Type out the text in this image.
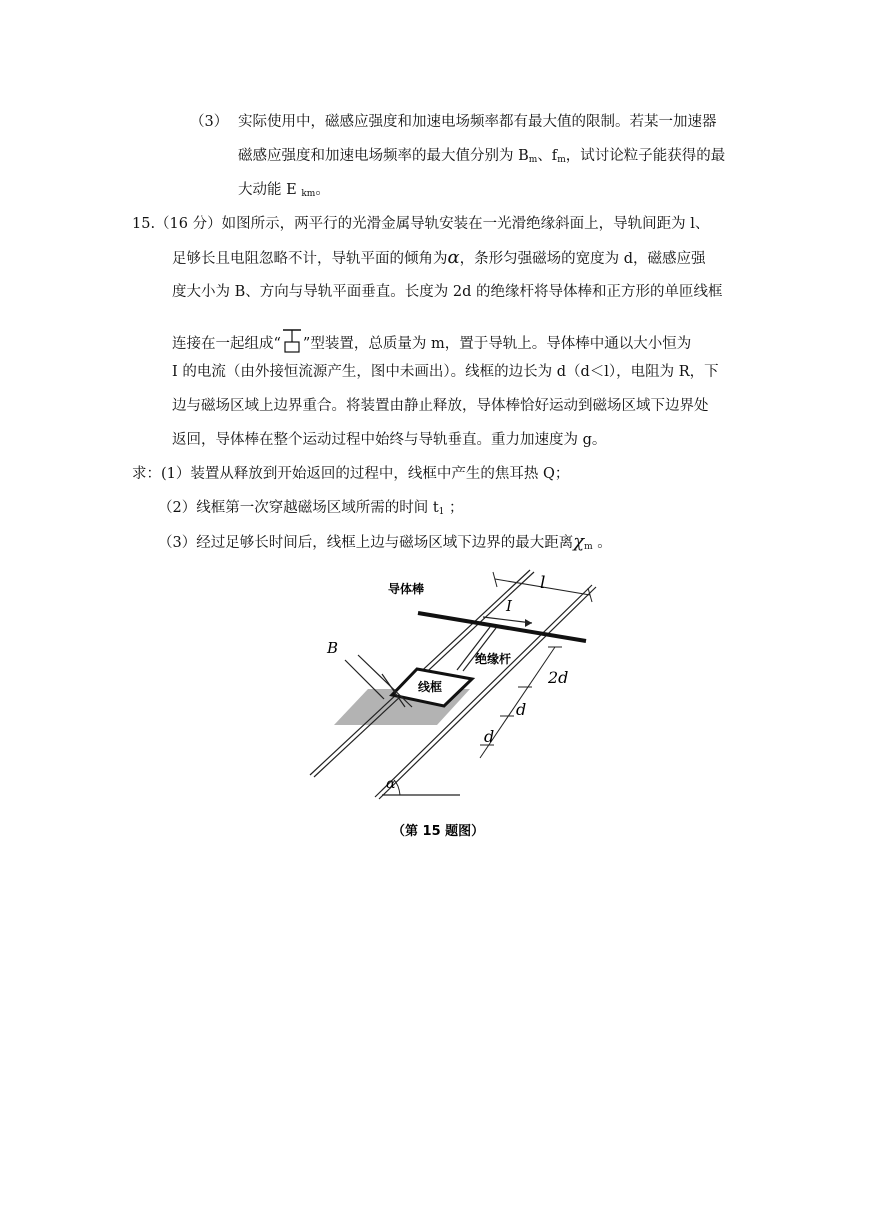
（3） 实际使用中，磁感应强度和加速电场频率都有最大值的限制。若某一加速器
磁感应强度和加速电场频率的最大值分别为 $B_m$、$f_m$，试讨论粒子能获得的最
大动能 E $_{km}$。
15.（16 分）如图所示，两平行的光滑金属导轨安装在一光滑绝缘斜面上，导轨间距为 l、
足够长且电阻忽略不计，导轨平面的倾角为α，条形匀强磁场的宽度为 d，磁感应强
度大小为 B、方向与导轨平面垂直。长度为 2d 的绝缘杆将导体棒和正方形的单匝线框
连接在一起组成“ ”型装置，总质量为 m，置于导轨上。导体棒中通以大小恒为
I 的电流（由外接恒流源产生，图中未画出）。线框的边长为 d（d＜l），电阻为 R，下
边与磁场区域上边界重合。将装置由静止释放，导体棒恰好运动到磁场区域下边界处
返回，导体棒在整个运动过程中始终与导轨垂直。重力加速度为 g。
求：(1）装置从释放到开始返回的过程中，线框中产生的焦耳热 Q；
（2）线框第一次穿越磁场区域所需的时间 $t_1$ ；
（3）经过足够长时间后，线框上边与磁场区域下边界的最大距离$\chi_m$ 。
导体棒	l
I
B
绝缘杆
线框	2d
d
d
α
（第 15 题图）
